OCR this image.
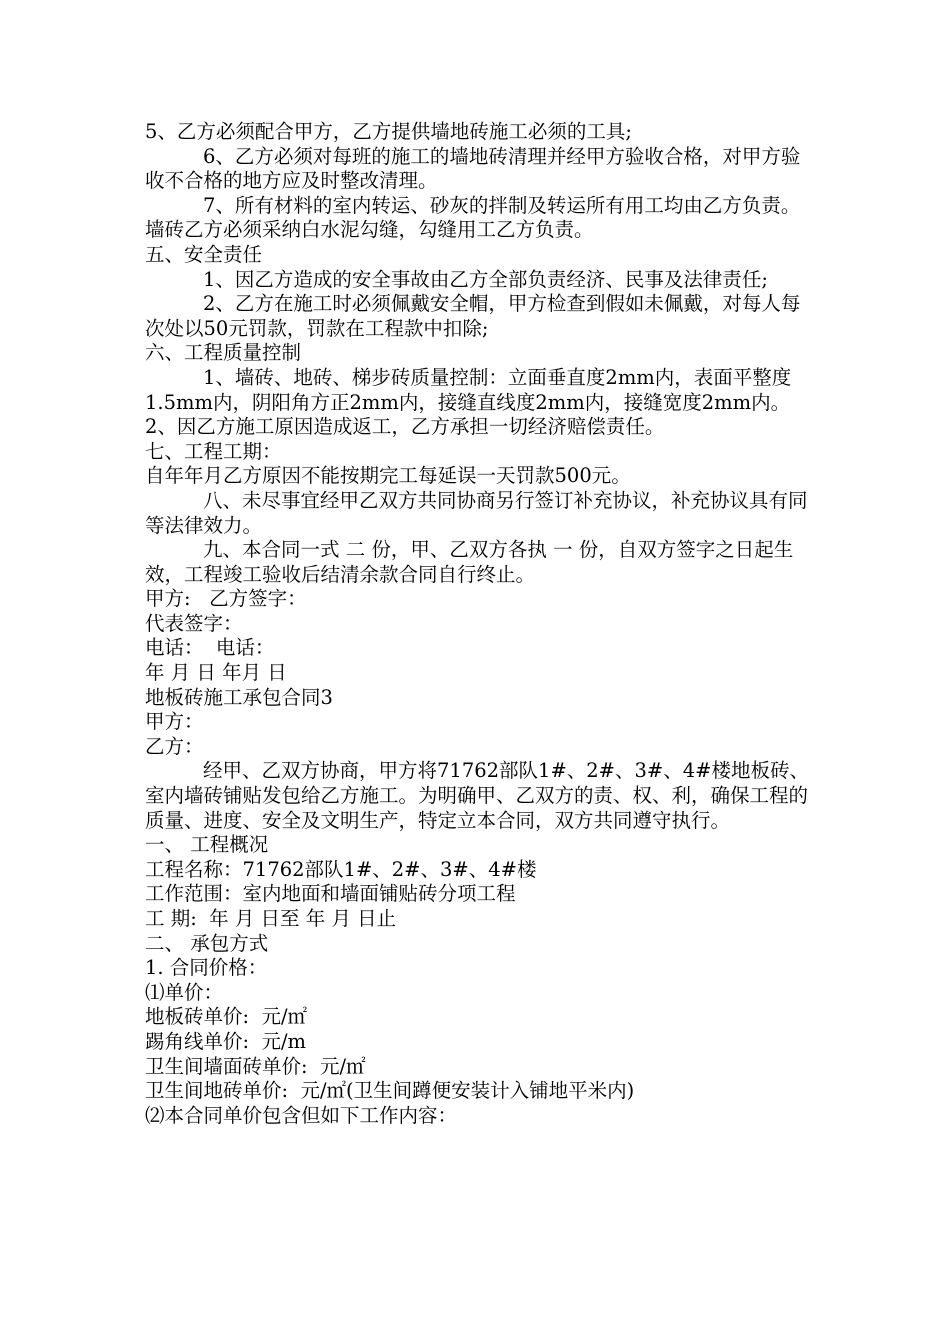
5、乙方必须配合甲方，乙方提供墙地砖施工必须的工具;

6、乙方必须对每班的施工的墙地砖清理并经甲方验收合格，对甲方验收不合格的地方应及时整改清理。

7、所有材料的室内转运、砂灰的拌制及转运所有用工均由乙方负责。墙砖乙方必须采纳白水泥勾缝，勾缝用工乙方负责。

五、安全责任

1、因乙方造成的安全事故由乙方全部负责经济、民事及法律责任;

2、乙方在施工时必须佩戴安全帽，甲方检查到假如未佩戴，对每人每次处以50元罚款，罚款在工程款中扣除;

六、工程质量控制

1、墙砖、地砖、梯步砖质量控制：立面垂直度2mm内，表面平整度1.5mm内，阴阳角方正2mm内，接缝直线度2mm内，接缝宽度2mm内。

2、因乙方施工原因造成返工，乙方承担一切经济赔偿责任。

七、工程工期：

自年年月乙方原因不能按期完工每延误一天罚款500元。

八、未尽事宜经甲乙双方共同协商另行签订补充协议，补充协议具有同等法律效力。

九、本合同一式 二 份，甲、乙双方各执 一 份，自双方签字之日起生效，工程竣工验收后结清余款合同自行终止。

甲方:   乙方签字：

代表签字：

电话：  电话：

年 月 日 年月 日

地板砖施工承包合同3

甲方：

乙方：

经甲、乙双方协商，甲方将71762部队1#、2#、3#、4#楼地板砖、室内墙砖铺贴发包给乙方施工。为明确甲、乙双方的责、权、利，确保工程的质量、进度、安全及文明生产，特定立本合同，双方共同遵守执行。

一、 工程概况

工程名称：71762部队1#、2#、3#、4#楼

工作范围：室内地面和墙面铺贴砖分项工程

工 期:  年 月 日至 年 月 日止

二、 承包方式

1. 合同价格：

⑴单价：

地板砖单价:  元/㎡

踢角线单价:  元/m

卫生间墙面砖单价:  元/㎡

卫生间地砖单价:  元/㎡(卫生间蹲便安装计入铺地平米内)

⑵本合同单价包含但如下工作内容：
